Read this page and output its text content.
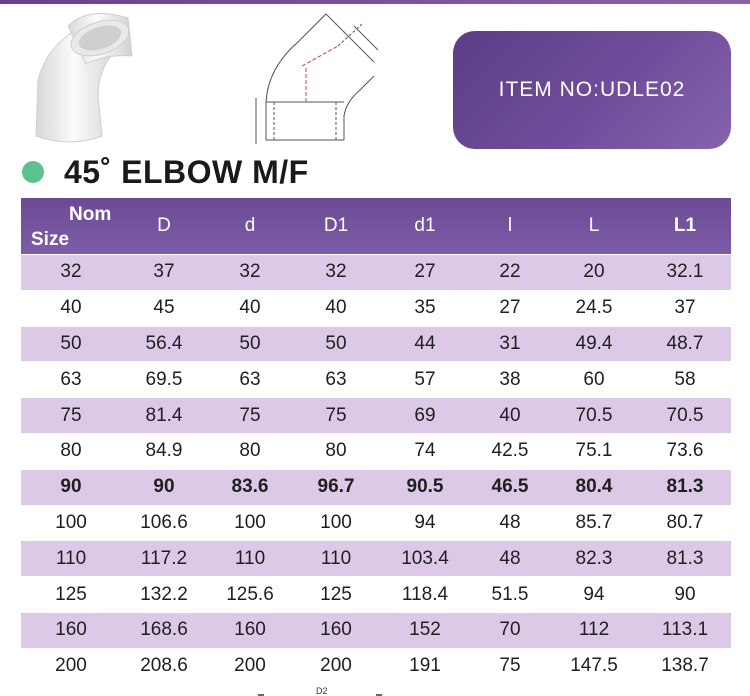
ITEM NO:UDLE02
45˚ ELBOW M/F
Nom
Size	D	d	D1	d1	l	L	L1
32	37	32	32	27	22	20	32.1
40	45	40	40	35	27	24.5	37
50	56.4	50	50	44	31	49.4	48.7
63	69.5	63	63	57	38	60	58
75	81.4	75	75	69	40	70.5	70.5
80	84.9	80	80	74	42.5	75.1	73.6
90	90	83.6	96.7	90.5	46.5	80.4	81.3
100	106.6	100	100	94	48	85.7	80.7
110	117.2	110	110	103.4	48	82.3	81.3
125	132.2	125.6	125	118.4	51.5	94	90
160	168.6	160	160	152	70	112	113.1
200	208.6	200	200	191	75	147.5	138.7
D2
